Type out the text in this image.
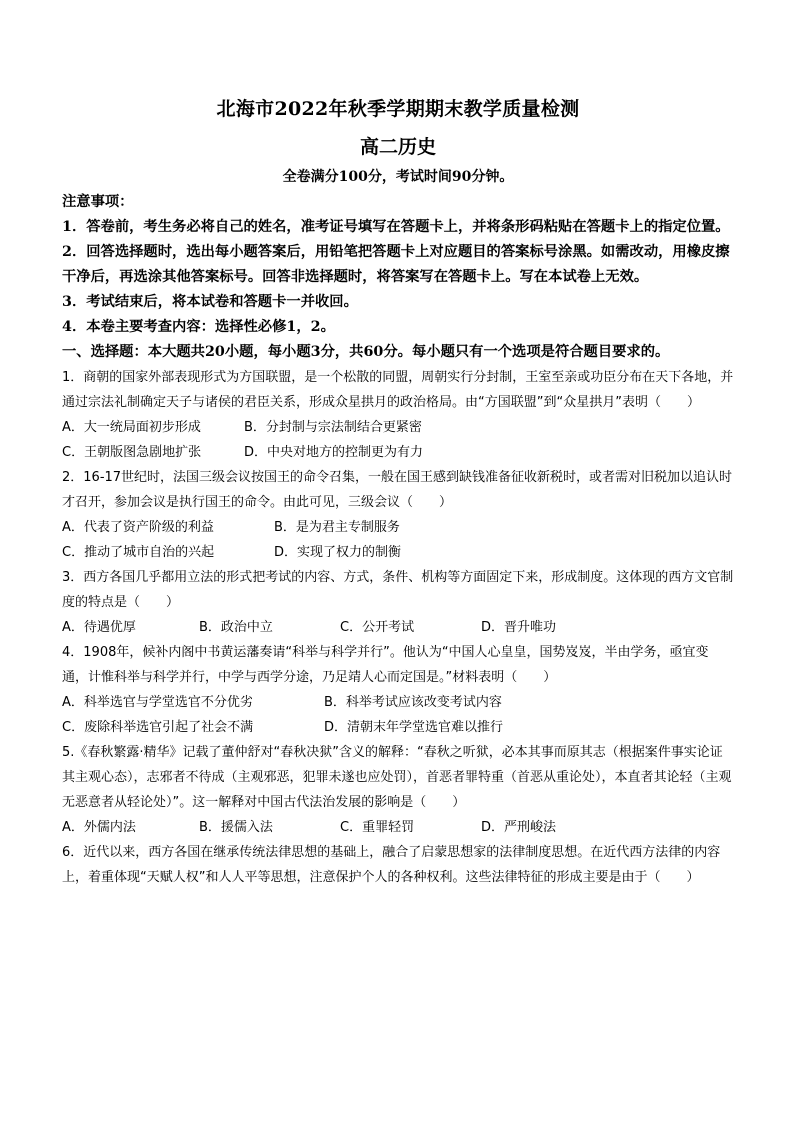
北海市2022年秋季学期期末教学质量检测
高二历史
全卷满分100分，考试时间90分钟。

注意事项：

1．答卷前，考生务必将自己的姓名，准考证号填写在答题卡上，并将条形码粘贴在答题卡上的指定位置。

2．回答选择题时，选出每小题答案后，用铅笔把答题卡上对应题目的答案标号涂黑。如需改动，用橡皮擦干净后，再选涂其他答案标号。回答非选择题时，将答案写在答题卡上。写在本试卷上无效。

3．考试结束后，将本试卷和答题卡一并收回。

4．本卷主要考查内容：选择性必修1，2。

一、选择题：本大题共20小题，每小题3分，共60分。每小题只有一个选项是符合题目要求的。

1．商朝的国家外部表现形式为方国联盟，是一个松散的同盟，周朝实行分封制，王室至亲或功臣分布在天下各地，并通过宗法礼制确定天子与诸侯的君臣关系，形成众星拱月的政治格局。由“方国联盟”到“众星拱月”表明（　　）

A．大一统局面初步形成	B．分封制与宗法制结合更紧密
C．王朝版图急剧地扩张	D．中央对地方的控制更为有力

2．16-17世纪时，法国三级会议按国王的命令召集，一般在国王感到缺钱准备征收新税时，或者需对旧税加以追认时才召开，参加会议是执行国王的命令。由此可见，三级会议（　　）

A．代表了资产阶级的利益	B．是为君主专制服务
C．推动了城市自治的兴起	D．实现了权力的制衡

3．西方各国几乎都用立法的形式把考试的内容、方式，条件、机构等方面固定下来，形成制度。这体现的西方文官制度的特点是（　　）

A．待遇优厚	B．政治中立	C．公开考试	D．晋升唯功

4．1908年，候补内阁中书黄运藩奏请“科举与科学并行”。他认为“中国人心皇皇，国势岌岌，半由学务，亟宜变通，计惟科举与科学并行，中学与西学分途，乃足靖人心而定国是。”材料表明（　　）

A．科举选官与学堂选官不分优劣	B．科举考试应该改变考试内容
C．废除科举选官引起了社会不满	D．清朝末年学堂选官难以推行

5.《春秋繁露·精华》记载了董仲舒对“春秋决狱”含义的解释：“春秋之听狱，必本其事而原其志（根据案件事实论证其主观心态），志邪者不待成（主观邪恶，犯罪未遂也应处罚），首恶者罪特重（首恶从重论处），本直者其论轻（主观无恶意者从轻论处）”。这一解释对中国古代法治发展的影响是（　　）

A．外儒内法	B．援儒入法	C．重罪轻罚	D．严刑峻法

6．近代以来，西方各国在继承传统法律思想的基础上，融合了启蒙思想家的法律制度思想。在近代西方法律的内容上，着重体现“天赋人权”和人人平等思想，注意保护个人的各种权利。这些法律特征的形成主要是由于（　　）
